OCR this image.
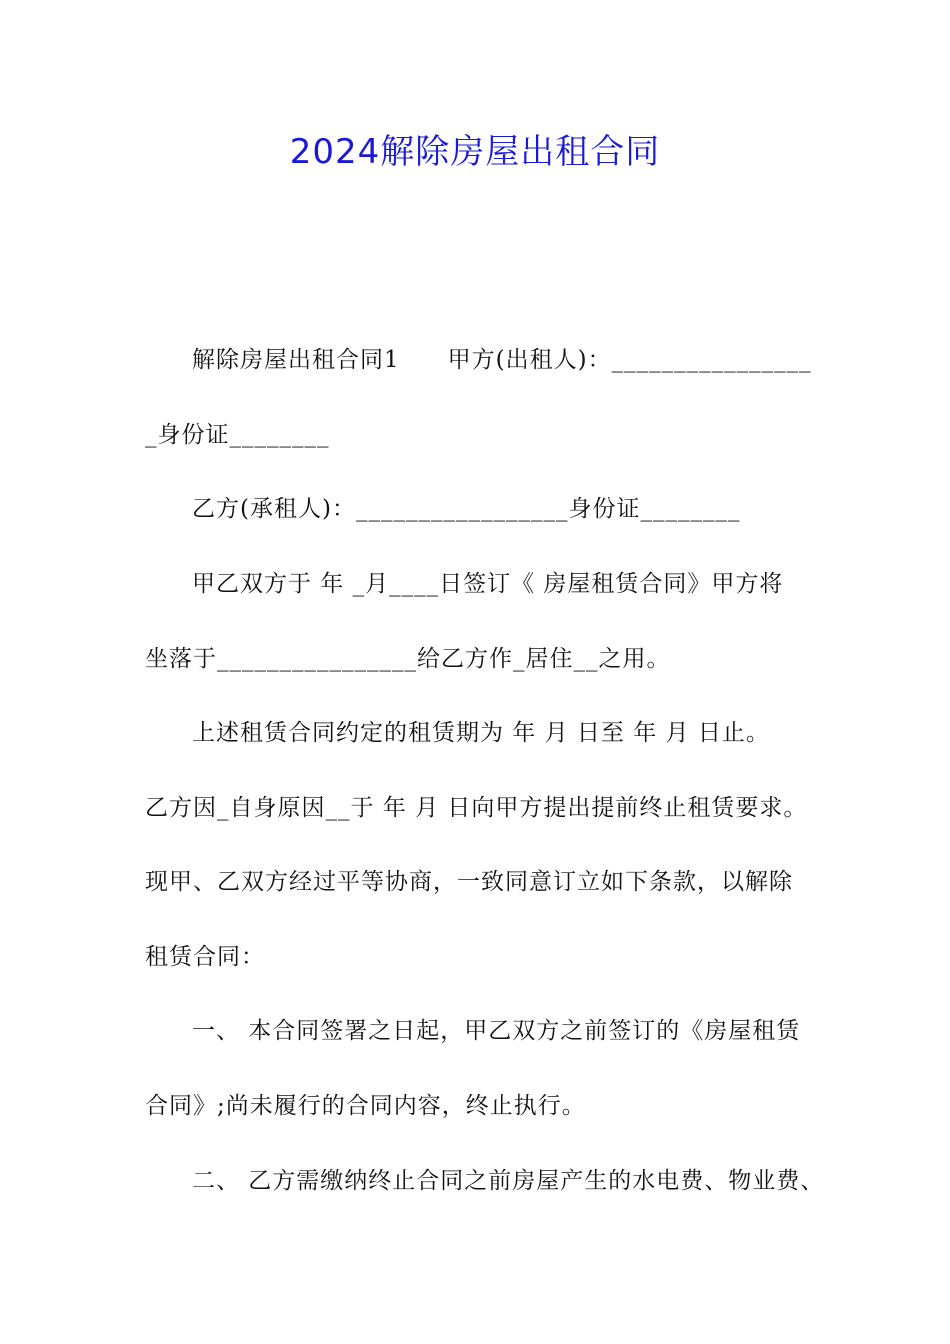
2024解除房屋出租合同
解除房屋出租合同1　　甲方(出租人)：________________
_身份证________
乙方(承租人)：_________________身份证________
甲乙双方于 年 _月____日签订《 房屋租赁合同》甲方将
坐落于________________给乙方作_居住__之用。
上述租赁合同约定的租赁期为 年 月 日至 年 月 日止。
乙方因_自身原因__于 年 月 日向甲方提出提前终止租赁要求。
现甲、乙双方经过平等协商，一致同意订立如下条款，以解除
租赁合同：
一、 本合同签署之日起，甲乙双方之前签订的《房屋租赁
合同》;尚未履行的合同内容，终止执行。
二、 乙方需缴纳终止合同之前房屋产生的水电费、物业费、
